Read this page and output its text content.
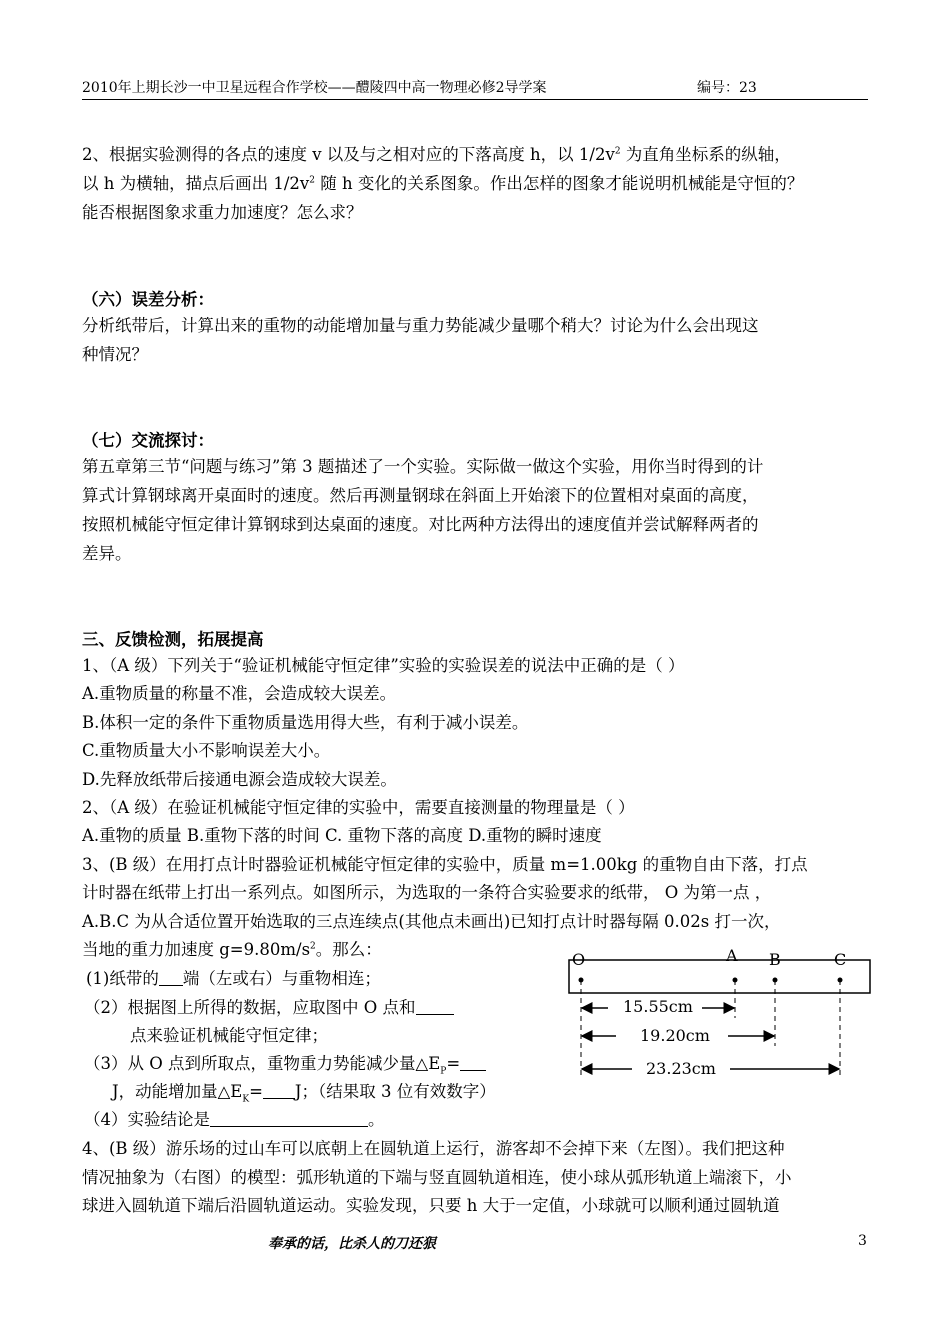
2010年上期长沙一中卫星远程合作学校——醴陵四中高一物理必修2导学案	编号：23
2、根据实验测得的各点的速度 v 以及与之相对应的下落高度 h，以 $1/2v^2$ 为直角坐标系的纵轴，
以 h 为横轴，描点后画出 $1/2v^2$ 随 h 变化的关系图象。作出怎样的图象才能说明机械能是守恒的？
能否根据图象求重力加速度？怎么求？
（六）误差分析：
分析纸带后，计算出来的重物的动能增加量与重力势能减少量哪个稍大？讨论为什么会出现这
种情况？
（七）交流探讨：
第五章第三节“问题与练习”第 3 题描述了一个实验。实际做一做这个实验，用你当时得到的计
算式计算钢球离开桌面时的速度。然后再测量钢球在斜面上开始滚下的位置相对桌面的高度，
按照机械能守恒定律计算钢球到达桌面的速度。对比两种方法得出的速度值并尝试解释两者的
差异。
三、反馈检测，拓展提高
1、（A 级）下列关于“验证机械能守恒定律”实验的实验误差的说法中正确的是（ ）
A.重物质量的称量不准，会造成较大误差。
B.体积一定的条件下重物质量选用得大些，有利于减小误差。
C.重物质量大小不影响误差大小。
D.先释放纸带后接通电源会造成较大误差。
2、（A 级）在验证机械能守恒定律的实验中，需要直接测量的物理量是（ ）
A.重物的质量 B.重物下落的时间 C. 重物下落的高度 D.重物的瞬时速度
3、(B 级）在用打点计时器验证机械能守恒定律的实验中，质量 m=1.00kg 的重物自由下落，打点
计时器在纸带上打出一系列点。如图所示，为选取的一条符合实验要求的纸带， O 为第一点 ，
A.B.C 为从合适位置开始选取的三点连续点(其他点未画出)已知打点计时器每隔 0.02s 打一次，
当地的重力加速度 $g=9.80m/s^2$。那么：
(1)纸带的 端（左或右）与重物相连；
（2）根据图上所得的数据，应取图中 O 点和
点来验证机械能守恒定律；
（3）从 O 点到所取点，重物重力势能减少量$\triangle E_P=$
J，动能增加量$\triangle E_K= J$；（结果取 3 位有效数字）
（4）实验结论是	。
4、(B 级）游乐场的过山车可以底朝上在圆轨道上运行，游客却不会掉下来（左图）。我们把这种
情况抽象为（右图）的模型：弧形轨道的下端与竖直圆轨道相连，使小球从弧形轨道上端滚下，小
球进入圆轨道下端后沿圆轨道运动。实验发现，只要 h 大于一定值，小球就可以顺利通过圆轨道
O	A B	C
15.55cm
19.20cm
23.23cm
奉承的话，比杀人的刀还狠	3
